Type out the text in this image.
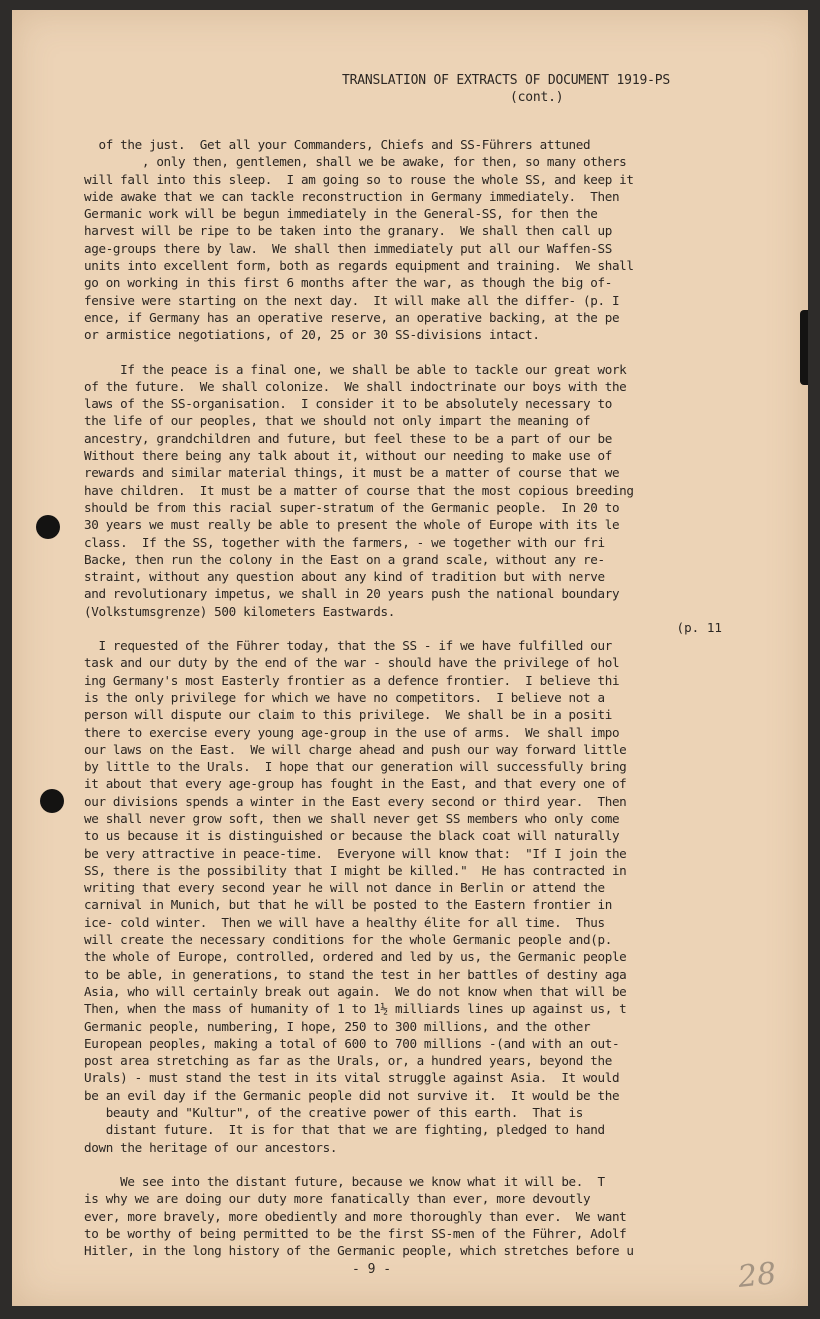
TRANSLATION OF EXTRACTS OF DOCUMENT 1919-PS
(cont.)
of the just.  Get all your Commanders, Chiefs and SS-Führers attuned
, only then, gentlemen, shall we be awake, for then, so many others
will fall into this sleep.  I am going so to rouse the whole SS, and keep it
wide awake that we can tackle reconstruction in Germany immediately.  Then
Germanic work will be begun immediately in the General-SS, for then the
harvest will be ripe to be taken into the granary.  We shall then call up
age-groups there by law.  We shall then immediately put all our Waffen-SS
units into excellent form, both as regards equipment and training.  We shall
go on working in this first 6 months after the war, as though the big of-
fensive were starting on the next day.  It will make all the differ- (p. I
ence, if Germany has an operative reserve, an operative backing, at the pe
or armistice negotiations, of 20, 25 or 30 SS-divisions intact.
If the peace is a final one, we shall be able to tackle our great work
of the future.  We shall colonize.  We shall indoctrinate our boys with the
laws of the SS-organisation.  I consider it to be absolutely necessary to
the life of our peoples, that we should not only impart the meaning of
ancestry, grandchildren and future, but feel these to be a part of our be
Without there being any talk about it, without our needing to make use of
rewards and similar material things, it must be a matter of course that we
have children.  It must be a matter of course that the most copious breeding
should be from this racial super-stratum of the Germanic people.  In 20 to
30 years we must really be able to present the whole of Europe with its le
class.  If the SS, together with the farmers, - we together with our fri
Backe, then run the colony in the East on a grand scale, without any re-
straint, without any question about any kind of tradition but with nerve
and revolutionary impetus, we shall in 20 years push the national boundary
(Volkstumsgrenze) 500 kilometers Eastwards.
I requested of the Führer today, that the SS - if we have fulfilled our
task and our duty by the end of the war - should have the privilege of hol
ing Germany's most Easterly frontier as a defence frontier.  I believe thi
is the only privilege for which we have no competitors.  I believe not a
person will dispute our claim to this privilege.  We shall be in a positi
there to exercise every young age-group in the use of arms.  We shall impo
our laws on the East.  We will charge ahead and push our way forward little
by little to the Urals.  I hope that our generation will successfully bring
it about that every age-group has fought in the East, and that every one of
our divisions spends a winter in the East every second or third year.  Then
we shall never grow soft, then we shall never get SS members who only come
to us because it is distinguished or because the black coat will naturally
be very attractive in peace-time.  Everyone will know that:  "If I join the
SS, there is the possibility that I might be killed."  He has contracted in
writing that every second year he will not dance in Berlin or attend the
carnival in Munich, but that he will be posted to the Eastern frontier in
ice- cold winter.  Then we will have a healthy élite for all time.  Thus
will create the necessary conditions for the whole Germanic people and(p.
the whole of Europe, controlled, ordered and led by us, the Germanic people
to be able, in generations, to stand the test in her battles of destiny aga
Asia, who will certainly break out again.  We do not know when that will be
Then, when the mass of humanity of 1 to 1½ milliards lines up against us, t
Germanic people, numbering, I hope, 250 to 300 millions, and the other
European peoples, making a total of 600 to 700 millions -(and with an out-
post area stretching as far as the Urals, or, a hundred years, beyond the
Urals) - must stand the test in its vital struggle against Asia.  It would
be an evil day if the Germanic people did not survive it.  It would be the
beauty and "Kultur", of the creative power of this earth.  That is
distant future.  It is for that that we are fighting, pledged to hand
down the heritage of our ancestors.
We see into the distant future, because we know what it will be.  T
is why we are doing our duty more fanatically than ever, more devoutly
ever, more bravely, more obediently and more thoroughly than ever.  We want
to be worthy of being permitted to be the first SS-men of the Führer, Adolf
Hitler, in the long history of the Germanic people, which stretches before u
(p. 11
- 9 -	28
